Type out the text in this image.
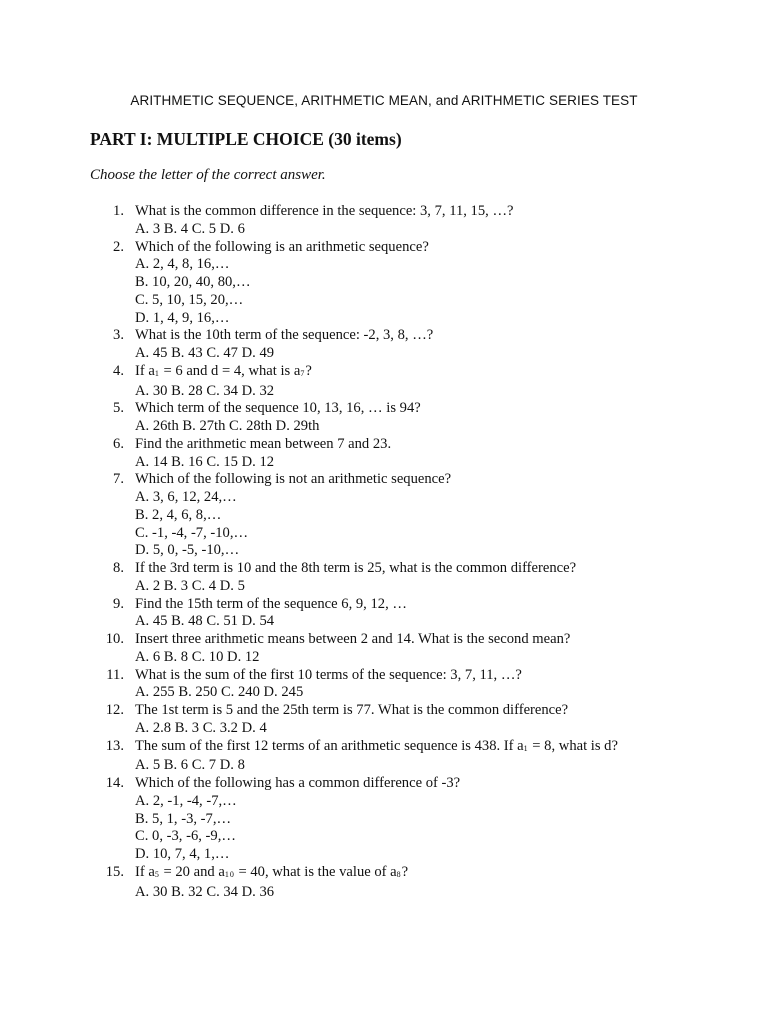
ARITHMETIC SEQUENCE, ARITHMETIC MEAN, and ARITHMETIC SERIES TEST
PART I: MULTIPLE CHOICE (30 items)
Choose the letter of the correct answer.
1. What is the common difference in the sequence: 3, 7, 11, 15, …?
A. 3 B. 4 C. 5 D. 6
2. Which of the following is an arithmetic sequence?
A. 2, 4, 8, 16,…
B. 10, 20, 40, 80,…
C. 5, 10, 15, 20,…
D. 1, 4, 9, 16,…
3. What is the 10th term of the sequence: -2, 3, 8, …?
A. 45 B. 43 C. 47 D. 49
4. If $a_1 = 6$ and d = 4, what is $a_7$?
A. 30 B. 28 C. 34 D. 32
5. Which term of the sequence 10, 13, 16, … is 94?
A. 26th B. 27th C. 28th D. 29th
6. Find the arithmetic mean between 7 and 23.
A. 14 B. 16 C. 15 D. 12
7. Which of the following is not an arithmetic sequence?
A. 3, 6, 12, 24,…
B. 2, 4, 6, 8,…
C. -1, -4, -7, -10,…
D. 5, 0, -5, -10,…
8. If the 3rd term is 10 and the 8th term is 25, what is the common difference?
A. 2 B. 3 C. 4 D. 5
9. Find the 15th term of the sequence 6, 9, 12, …
A. 45 B. 48 C. 51 D. 54
10. Insert three arithmetic means between 2 and 14. What is the second mean?
A. 6 B. 8 C. 10 D. 12
11. What is the sum of the first 10 terms of the sequence: 3, 7, 11, …?
A. 255 B. 250 C. 240 D. 245
12. The 1st term is 5 and the 25th term is 77. What is the common difference?
A. 2.8 B. 3 C. 3.2 D. 4
13. The sum of the first 12 terms of an arithmetic sequence is 438. If $a_1 = 8$, what is d?
A. 5 B. 6 C. 7 D. 8
14. Which of the following has a common difference of -3?
A. 2, -1, -4, -7,…
B. 5, 1, -3, -7,…
C. 0, -3, -6, -9,…
D. 10, 7, 4, 1,…
15. If $a_5 = 20$ and $a_{10} = 40$, what is the value of $a_8$?
A. 30 B. 32 C. 34 D. 36
